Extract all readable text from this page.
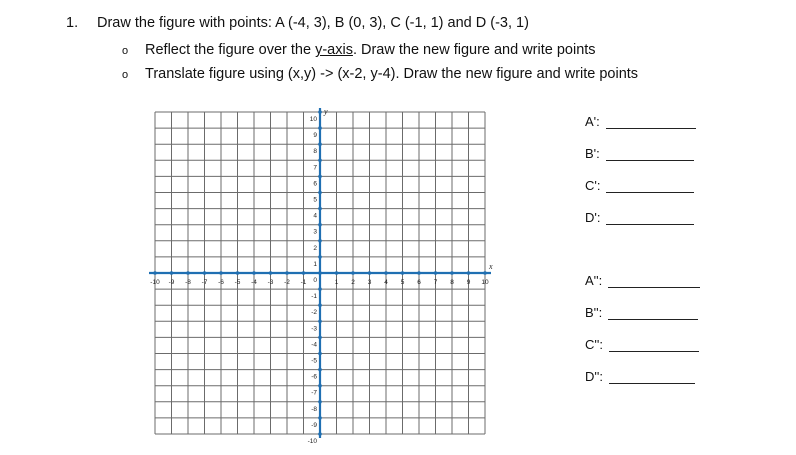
1. Draw the figure with points: A (-4, 3), B (0, 3), C (-1, 1) and D (-3, 1)
o Reflect the figure over the y-axis. Draw the new figure and write points
o Translate figure using (x,y) -> (x-2, y-4). Draw the new figure and write points
-10 -9 -8 -7 -6 -5 -4 -3 -2 -1	1 2 3 4 5 6 7 8 9 10
10
9
8
7
6
5
4
3
2
1
0
-1
-2
-3
-4
-5
-6
-7
-8
-9
-10
x
y
A':
B':
C':
D':
A'':
B'':
C'':
D'':
